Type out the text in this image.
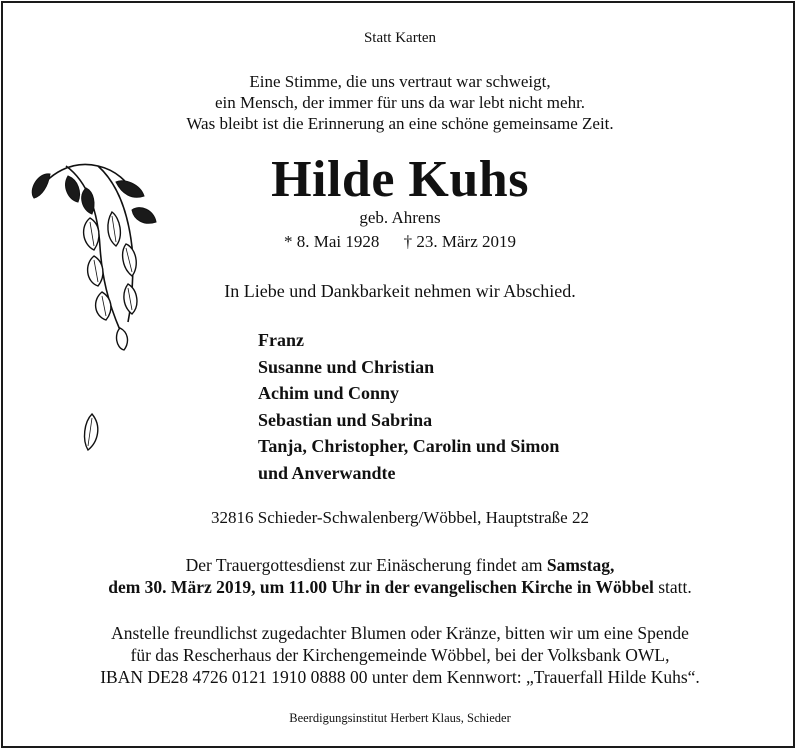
Statt Karten
Eine Stimme, die uns vertraut war schweigt,
ein Mensch, der immer für uns da war lebt nicht mehr.
Was bleibt ist die Erinnerung an eine schöne gemeinsame Zeit.
Hilde Kuhs
geb. Ahrens
* 8. Mai 1928 † 23. März 2019
In Liebe und Dankbarkeit nehmen wir Abschied.
Franz
Susanne und Christian
Achim und Conny
Sebastian und Sabrina
Tanja, Christopher, Carolin und Simon
und Anverwandte
32816 Schieder-Schwalenberg/Wöbbel, Hauptstraße 22
Der Trauergottesdienst zur Einäscherung findet am Samstag,
dem 30. März 2019, um 11.00 Uhr in der evangelischen Kirche in Wöbbel statt.
Anstelle freundlichst zugedachter Blumen oder Kränze, bitten wir um eine Spende
für das Rescherhaus der Kirchengemeinde Wöbbel, bei der Volksbank OWL,
IBAN DE28 4726 0121 1910 0888 00 unter dem Kennwort: „Trauerfall Hilde Kuhs“.
Beerdigungsinstitut Herbert Klaus, Schieder
